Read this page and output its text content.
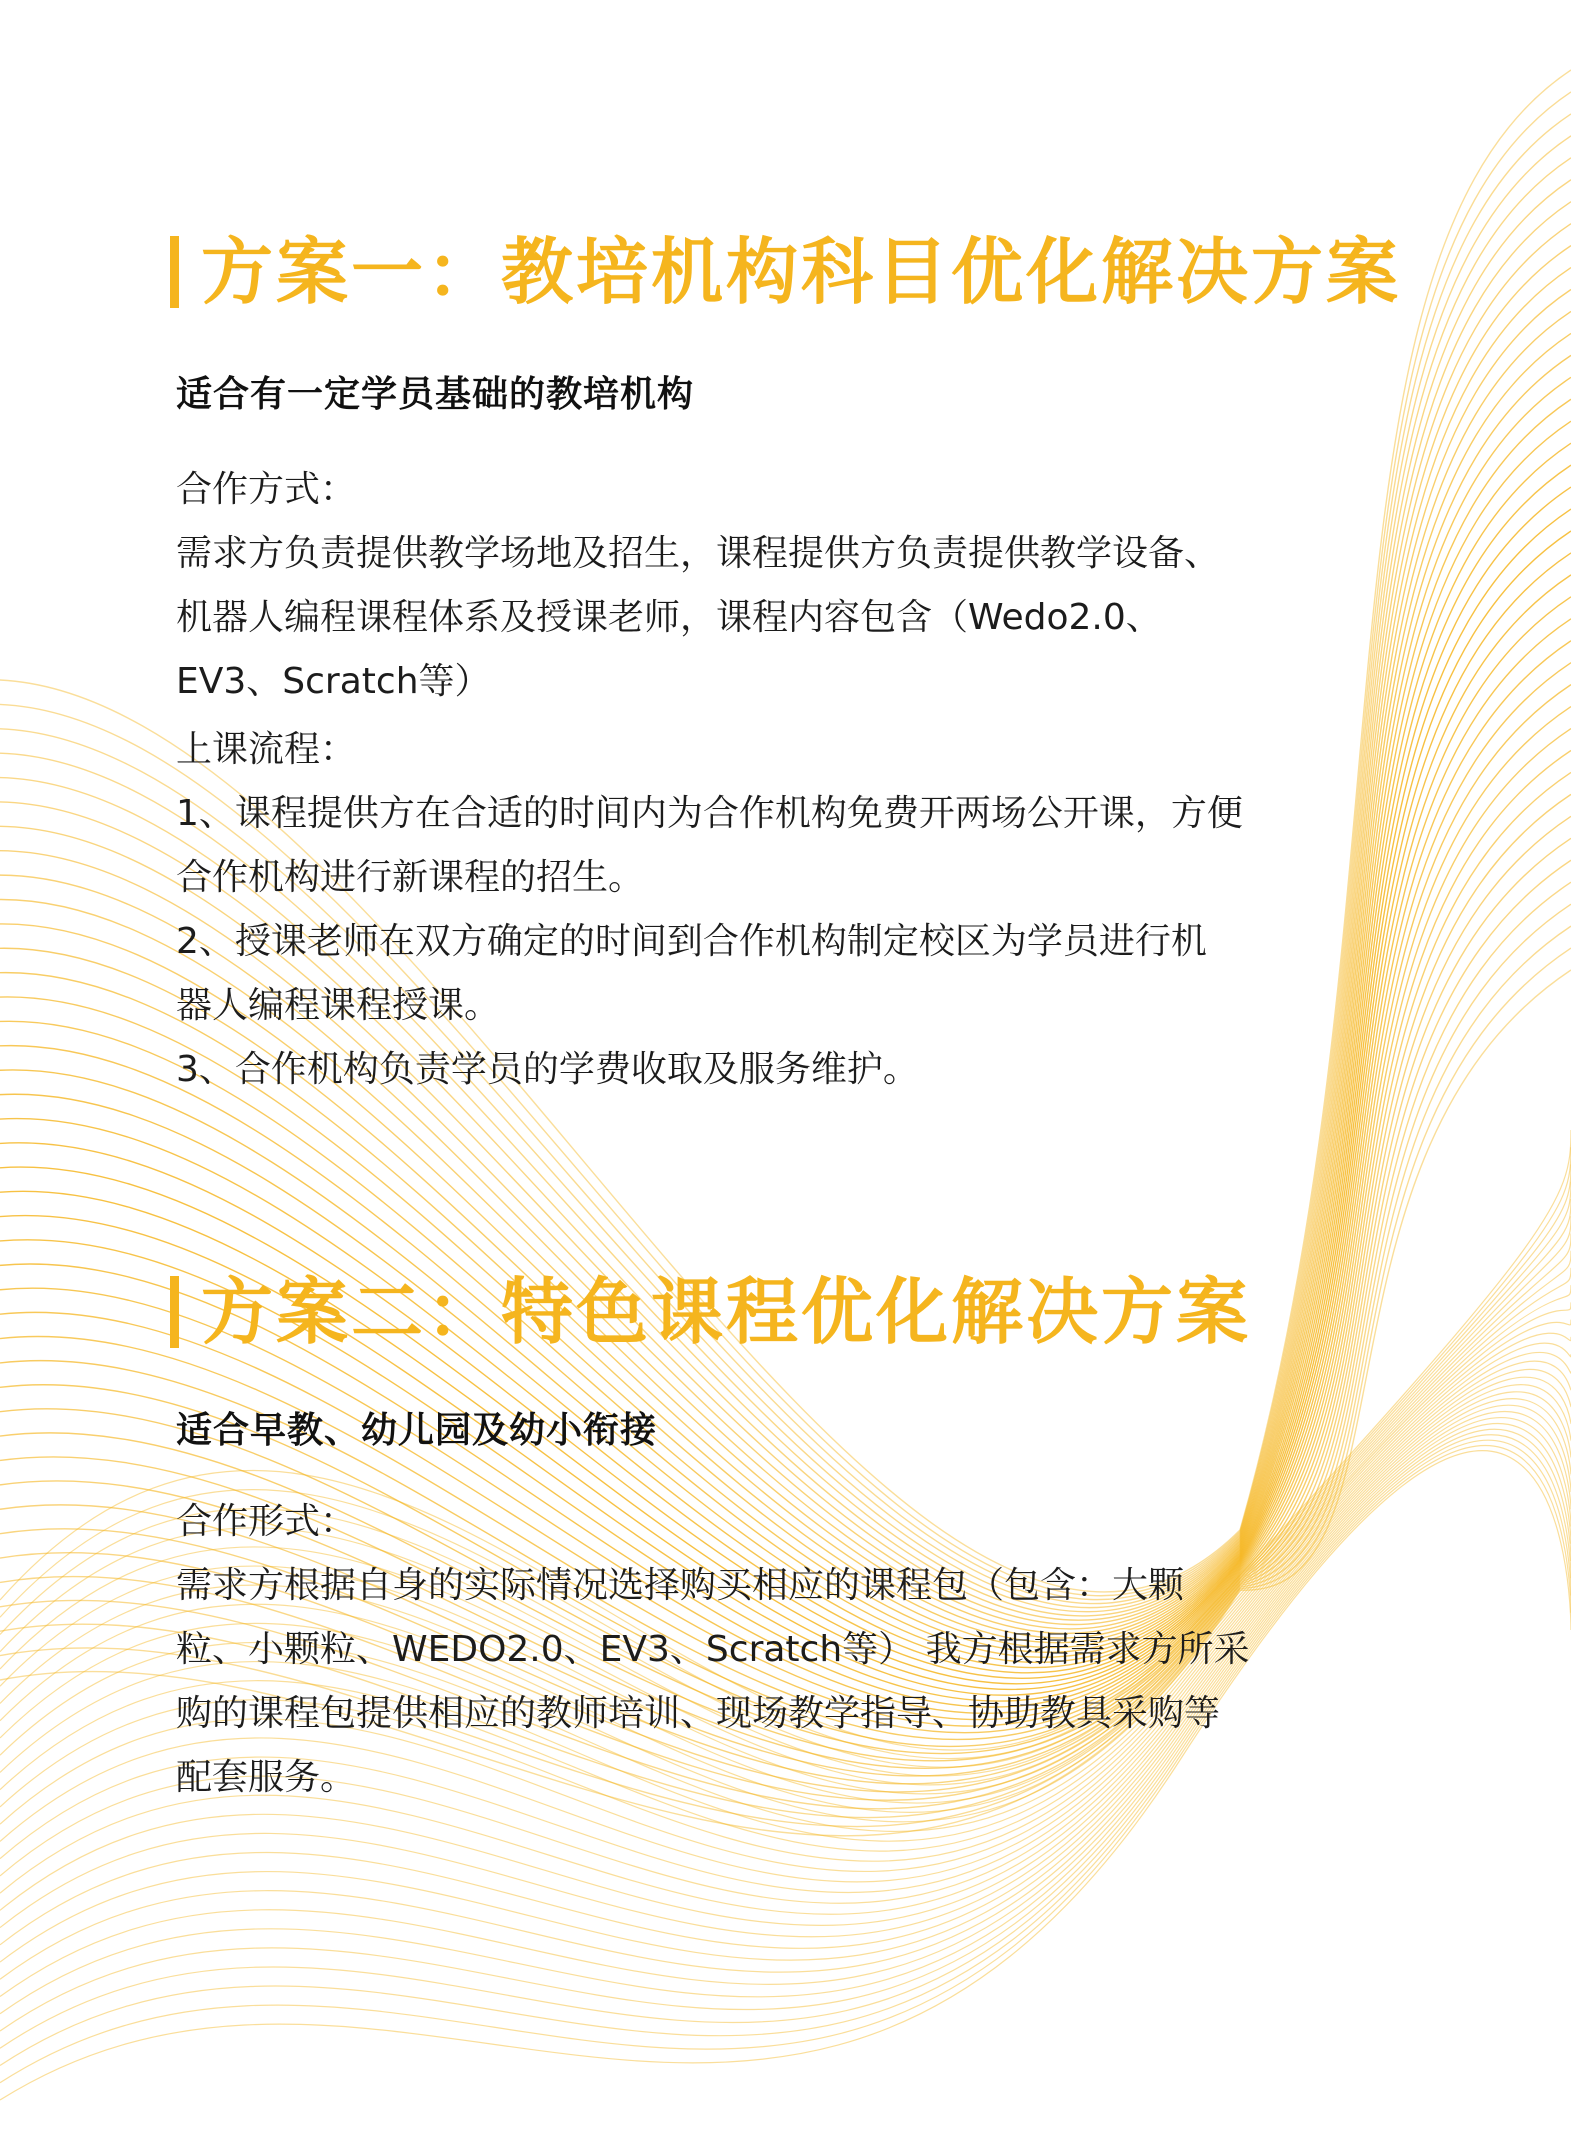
方案一：教培机构科目优化解决方案
适合有一定学员基础的教培机构

合作方式：

需求方负责提供教学场地及招生，课程提供方负责提供教学设备、

机器人编程课程体系及授课老师，课程内容包含（Wedo2.0、

EV3、Scratch等）

上课流程：

1、课程提供方在合适的时间内为合作机构免费开两场公开课，方便

合作机构进行新课程的招生。

2、授课老师在双方确定的时间到合作机构制定校区为学员进行机

器人编程课程授课。

3、合作机构负责学员的学费收取及服务维护。

方案二：特色课程优化解决方案
适合早教、幼儿园及幼小衔接

合作形式：

需求方根据自身的实际情况选择购买相应的课程包（包含：大颗

粒、小颗粒、WEDO2.0、EV3、Scratch等） 我方根据需求方所采

购的课程包提供相应的教师培训、现场教学指导、协助教具采购等

配套服务。
